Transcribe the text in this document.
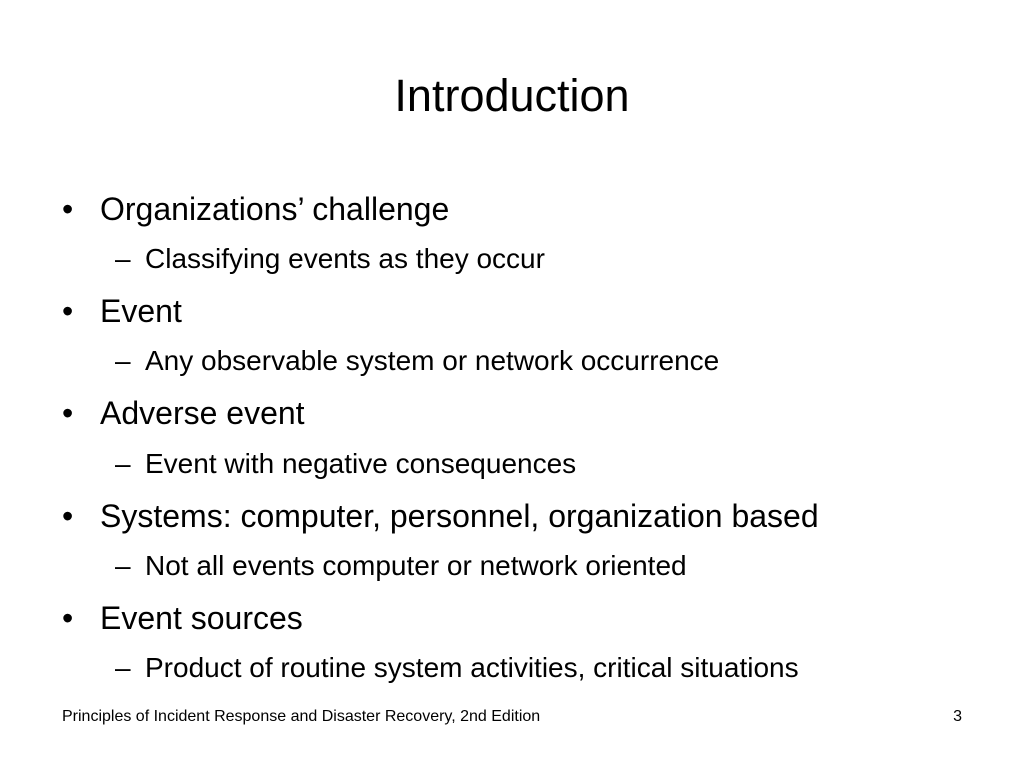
Introduction
• Organizations’ challenge
– Classifying events as they occur
• Event
– Any observable system or network occurrence
• Adverse event
– Event with negative consequences
• Systems: computer, personnel, organization based
– Not all events computer or network oriented
• Event sources
– Product of routine system activities, critical situations
Principles of Incident Response and Disaster Recovery, 2nd Edition	3
